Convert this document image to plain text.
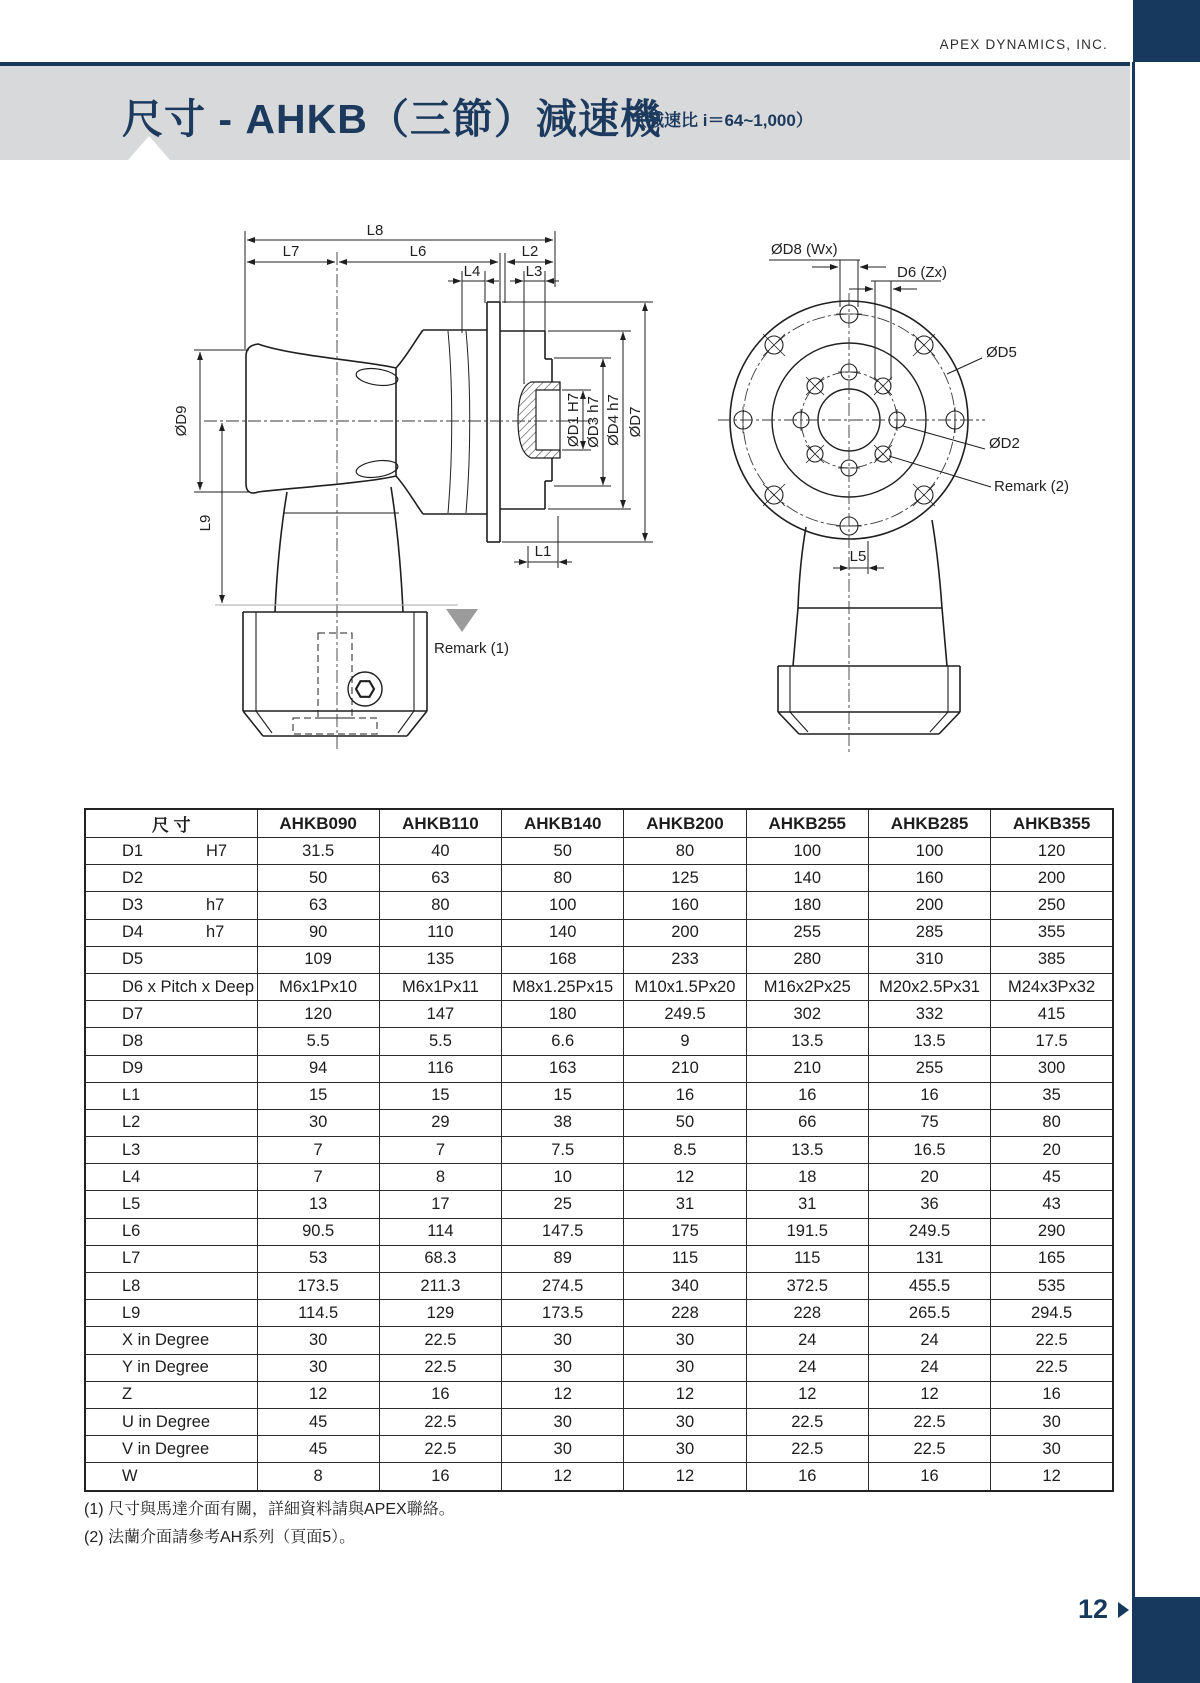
APEX DYNAMICS, INC.
尺寸 - AHKB（三節）減速機
（減速比 i＝64~1,000）
L8
L7	L6	L2
L4	L3
ØD9
L9
ØD1 H7 ØD3 h7 ØD4 h7 ØD7
L1
Remark (1)
ØD8 (Wx)
D6 (Zx)
ØD5
ØD2
L5
Remark (2)
尺 寸	AHKB090	AHKB110	AHKB140	AHKB200	AHKB255	AHKB285	AHKB355
D1 H7	31.5	40	50	80	100	100	120
D2	50	63	80	125	140	160	200
D3 h7	63	80	100	160	180	200	250
D4 h7	90	110	140	200	255	285	355
D5	109	135	168	233	280	310	385
D6 x Pitch x Deep	M6x1Px10	M6x1Px11	M8x1.25Px15	M10x1.5Px20	M16x2Px25	M20x2.5Px31	M24x3Px32
D7	120	147	180	249.5	302	332	415
D8	5.5	5.5	6.6	9	13.5	13.5	17.5
D9	94	116	163	210	210	255	300
L1	15	15	15	16	16	16	35
L2	30	29	38	50	66	75	80
L3	7	7	7.5	8.5	13.5	16.5	20
L4	7	8	10	12	18	20	45
L5	13	17	25	31	31	36	43
L6	90.5	114	147.5	175	191.5	249.5	290
L7	53	68.3	89	115	115	131	165
L8	173.5	211.3	274.5	340	372.5	455.5	535
L9	114.5	129	173.5	228	228	265.5	294.5
X in Degree	30	22.5	30	30	24	24	22.5
Y in Degree	30	22.5	30	30	24	24	22.5
Z	12	16	12	12	12	12	16
U in Degree	45	22.5	30	30	22.5	22.5	30
V in Degree	45	22.5	30	30	22.5	22.5	30
W	8	16	12	12	16	16	12
(1) 尺寸與馬達介面有關，詳細資料請與APEX聯絡。
(2) 法蘭介面請參考AH系列（頁面5）。
12
